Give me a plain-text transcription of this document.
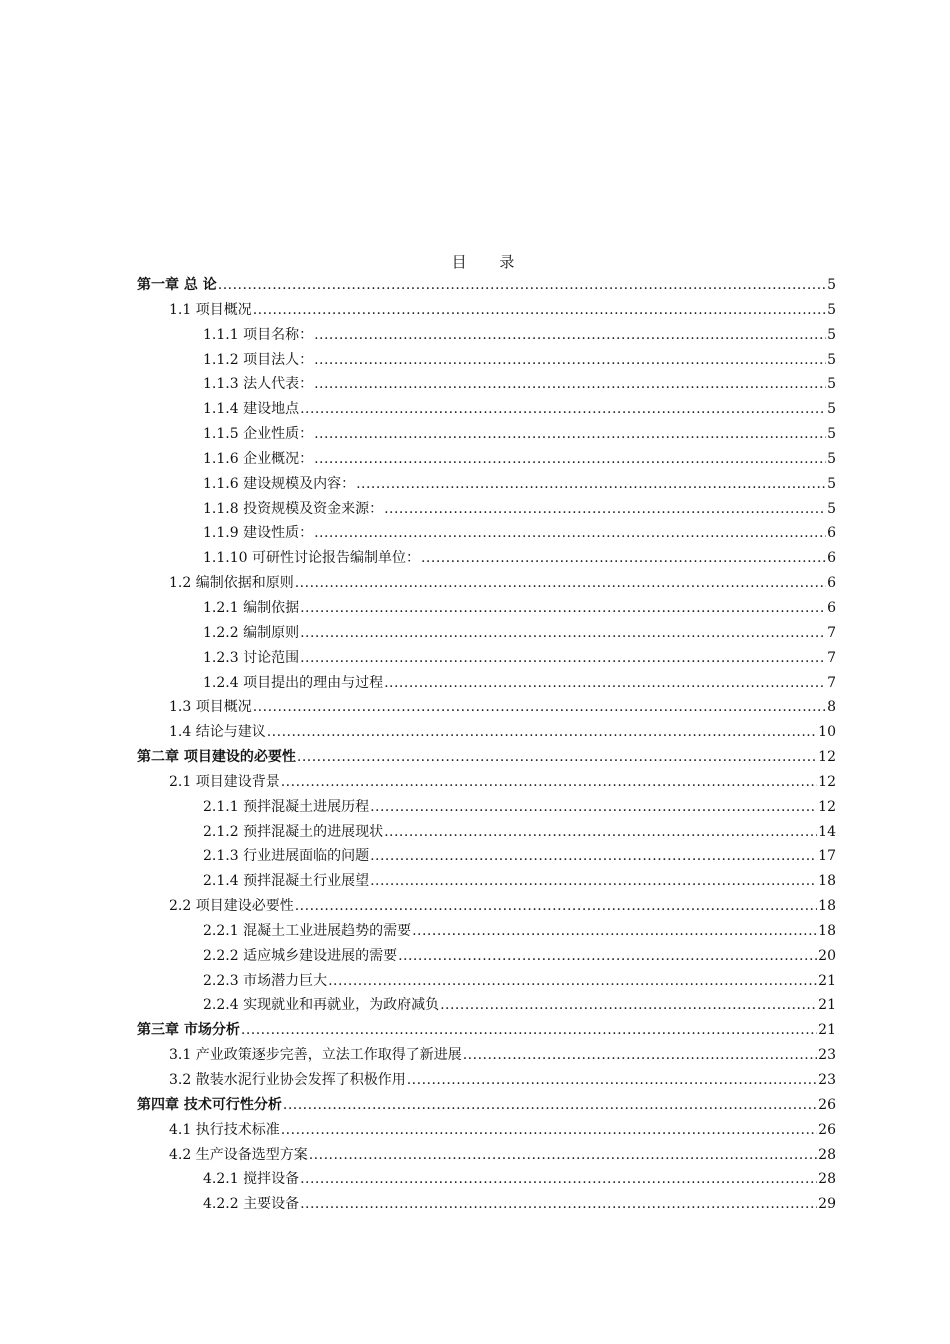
目 录
第一章 总 论 .....	5
1.1 项目概况 .....	5
1.1.1 项目名称： .....	5
1.1.2 项目法人： .....	5
1.1.3 法人代表： .....	5
1.1.4 建设地点 .....	5
1.1.5 企业性质： .....	5
1.1.6 企业概况： .....	5
1.1.6 建设规模及内容： .....	5
1.1.8 投资规模及资金来源： .....	5
1.1.9 建设性质： .....	6
1.1.10 可研性讨论报告编制单位： .....	6
1.2 编制依据和原则 .....	6
1.2.1 编制依据 .....	6
1.2.2 编制原则 .....	7
1.2.3 讨论范围 .....	7
1.2.4 项目提出的理由与过程 .....	7
1.3 项目概况 .....	8
1.4 结论与建议 .....	10
第二章 项目建设的必要性 .....	12
2.1 项目建设背景 .....	12
2.1.1 预拌混凝土进展历程 .....	12
2.1.2 预拌混凝土的进展现状 .....	14
2.1.3 行业进展面临的问题 .....	17
2.1.4 预拌混凝土行业展望 .....	18
2.2 项目建设必要性 .....	18
2.2.1 混凝土工业进展趋势的需要 .....	18
2.2.2 适应城乡建设进展的需要 .....	20
2.2.3 市场潜力巨大 .....	21
2.2.4 实现就业和再就业，为政府减负 .....	21
第三章 市场分析 .....	21
3.1 产业政策逐步完善，立法工作取得了新进展 .....	23
3.2 散装水泥行业协会发挥了积极作用 .....	23
第四章 技术可行性分析 .....	26
4.1 执行技术标准 .....	26
4.2 生产设备选型方案 .....	28
4.2.1 搅拌设备 .....	28
4.2.2 主要设备 .....	29
